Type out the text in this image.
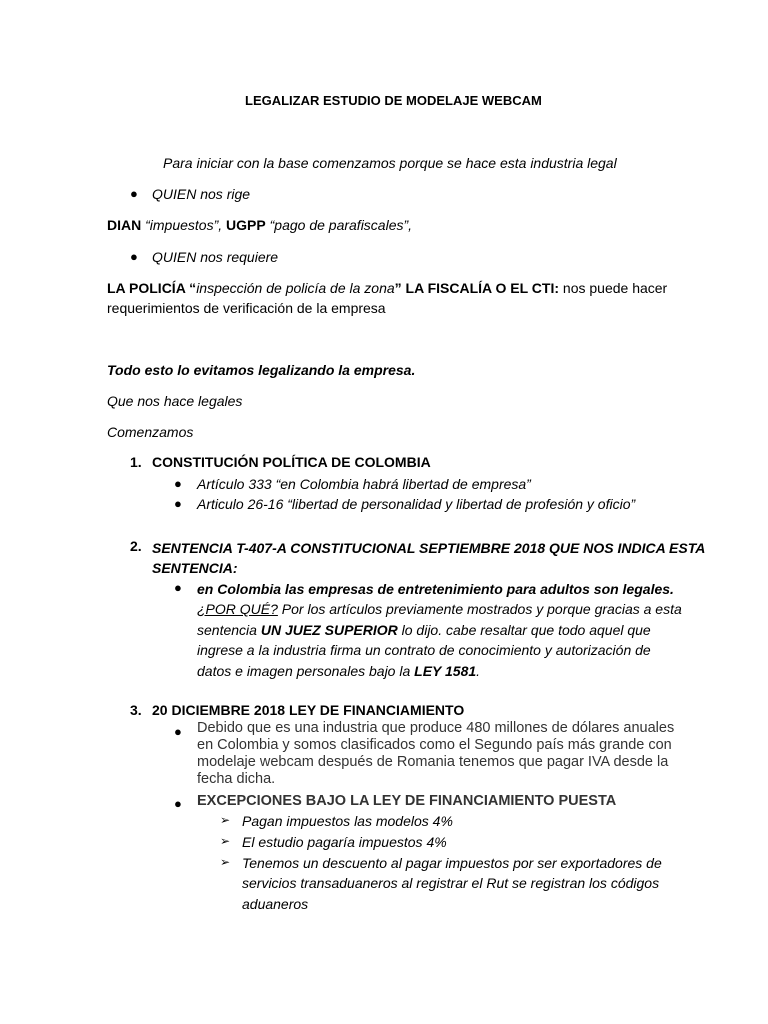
LEGALIZAR ESTUDIO DE MODELAJE WEBCAM
Para iniciar con la base comenzamos porque se hace esta industria legal
● QUIEN nos rige
DIAN “impuestos”, UGPP “pago de parafiscales”,
● QUIEN nos requiere
LA POLICÍA “inspección de policía de la zona” LA FISCALÍA O EL CTI: nos puede hacer
requerimientos de verificación de la empresa
Todo esto lo evitamos legalizando la empresa.
Que nos hace legales
Comenzamos
1. CONSTITUCIÓN POLÍTICA DE COLOMBIA
● Artículo 333 “en Colombia habrá libertad de empresa”
● Articulo 26-16 “libertad de personalidad y libertad de profesión y oficio”
2. SENTENCIA T-407-A CONSTITUCIONAL SEPTIEMBRE 2018 QUE NOS INDICA ESTA
SENTENCIA:
● en Colombia las empresas de entretenimiento para adultos son legales.
¿POR QUÉ? Por los artículos previamente mostrados y porque gracias a esta
sentencia UN JUEZ SUPERIOR lo dijo. cabe resaltar que todo aquel que
ingrese a la industria firma un contrato de conocimiento y autorización de
datos e imagen personales bajo la LEY 1581.
3. 20 DICIEMBRE 2018 LEY DE FINANCIAMIENTO
● Debido que es una industria que produce 480 millones de dólares anuales
en Colombia y somos clasificados como el Segundo país más grande con
modelaje webcam después de Romania tenemos que pagar IVA desde la
fecha dicha.
● EXCEPCIONES BAJO LA LEY DE FINANCIAMIENTO PUESTA
➢ Pagan impuestos las modelos 4%
➢ El estudio pagaría impuestos 4%
➢ Tenemos un descuento al pagar impuestos por ser exportadores de
servicios transaduaneros al registrar el Rut se registran los códigos
aduaneros
